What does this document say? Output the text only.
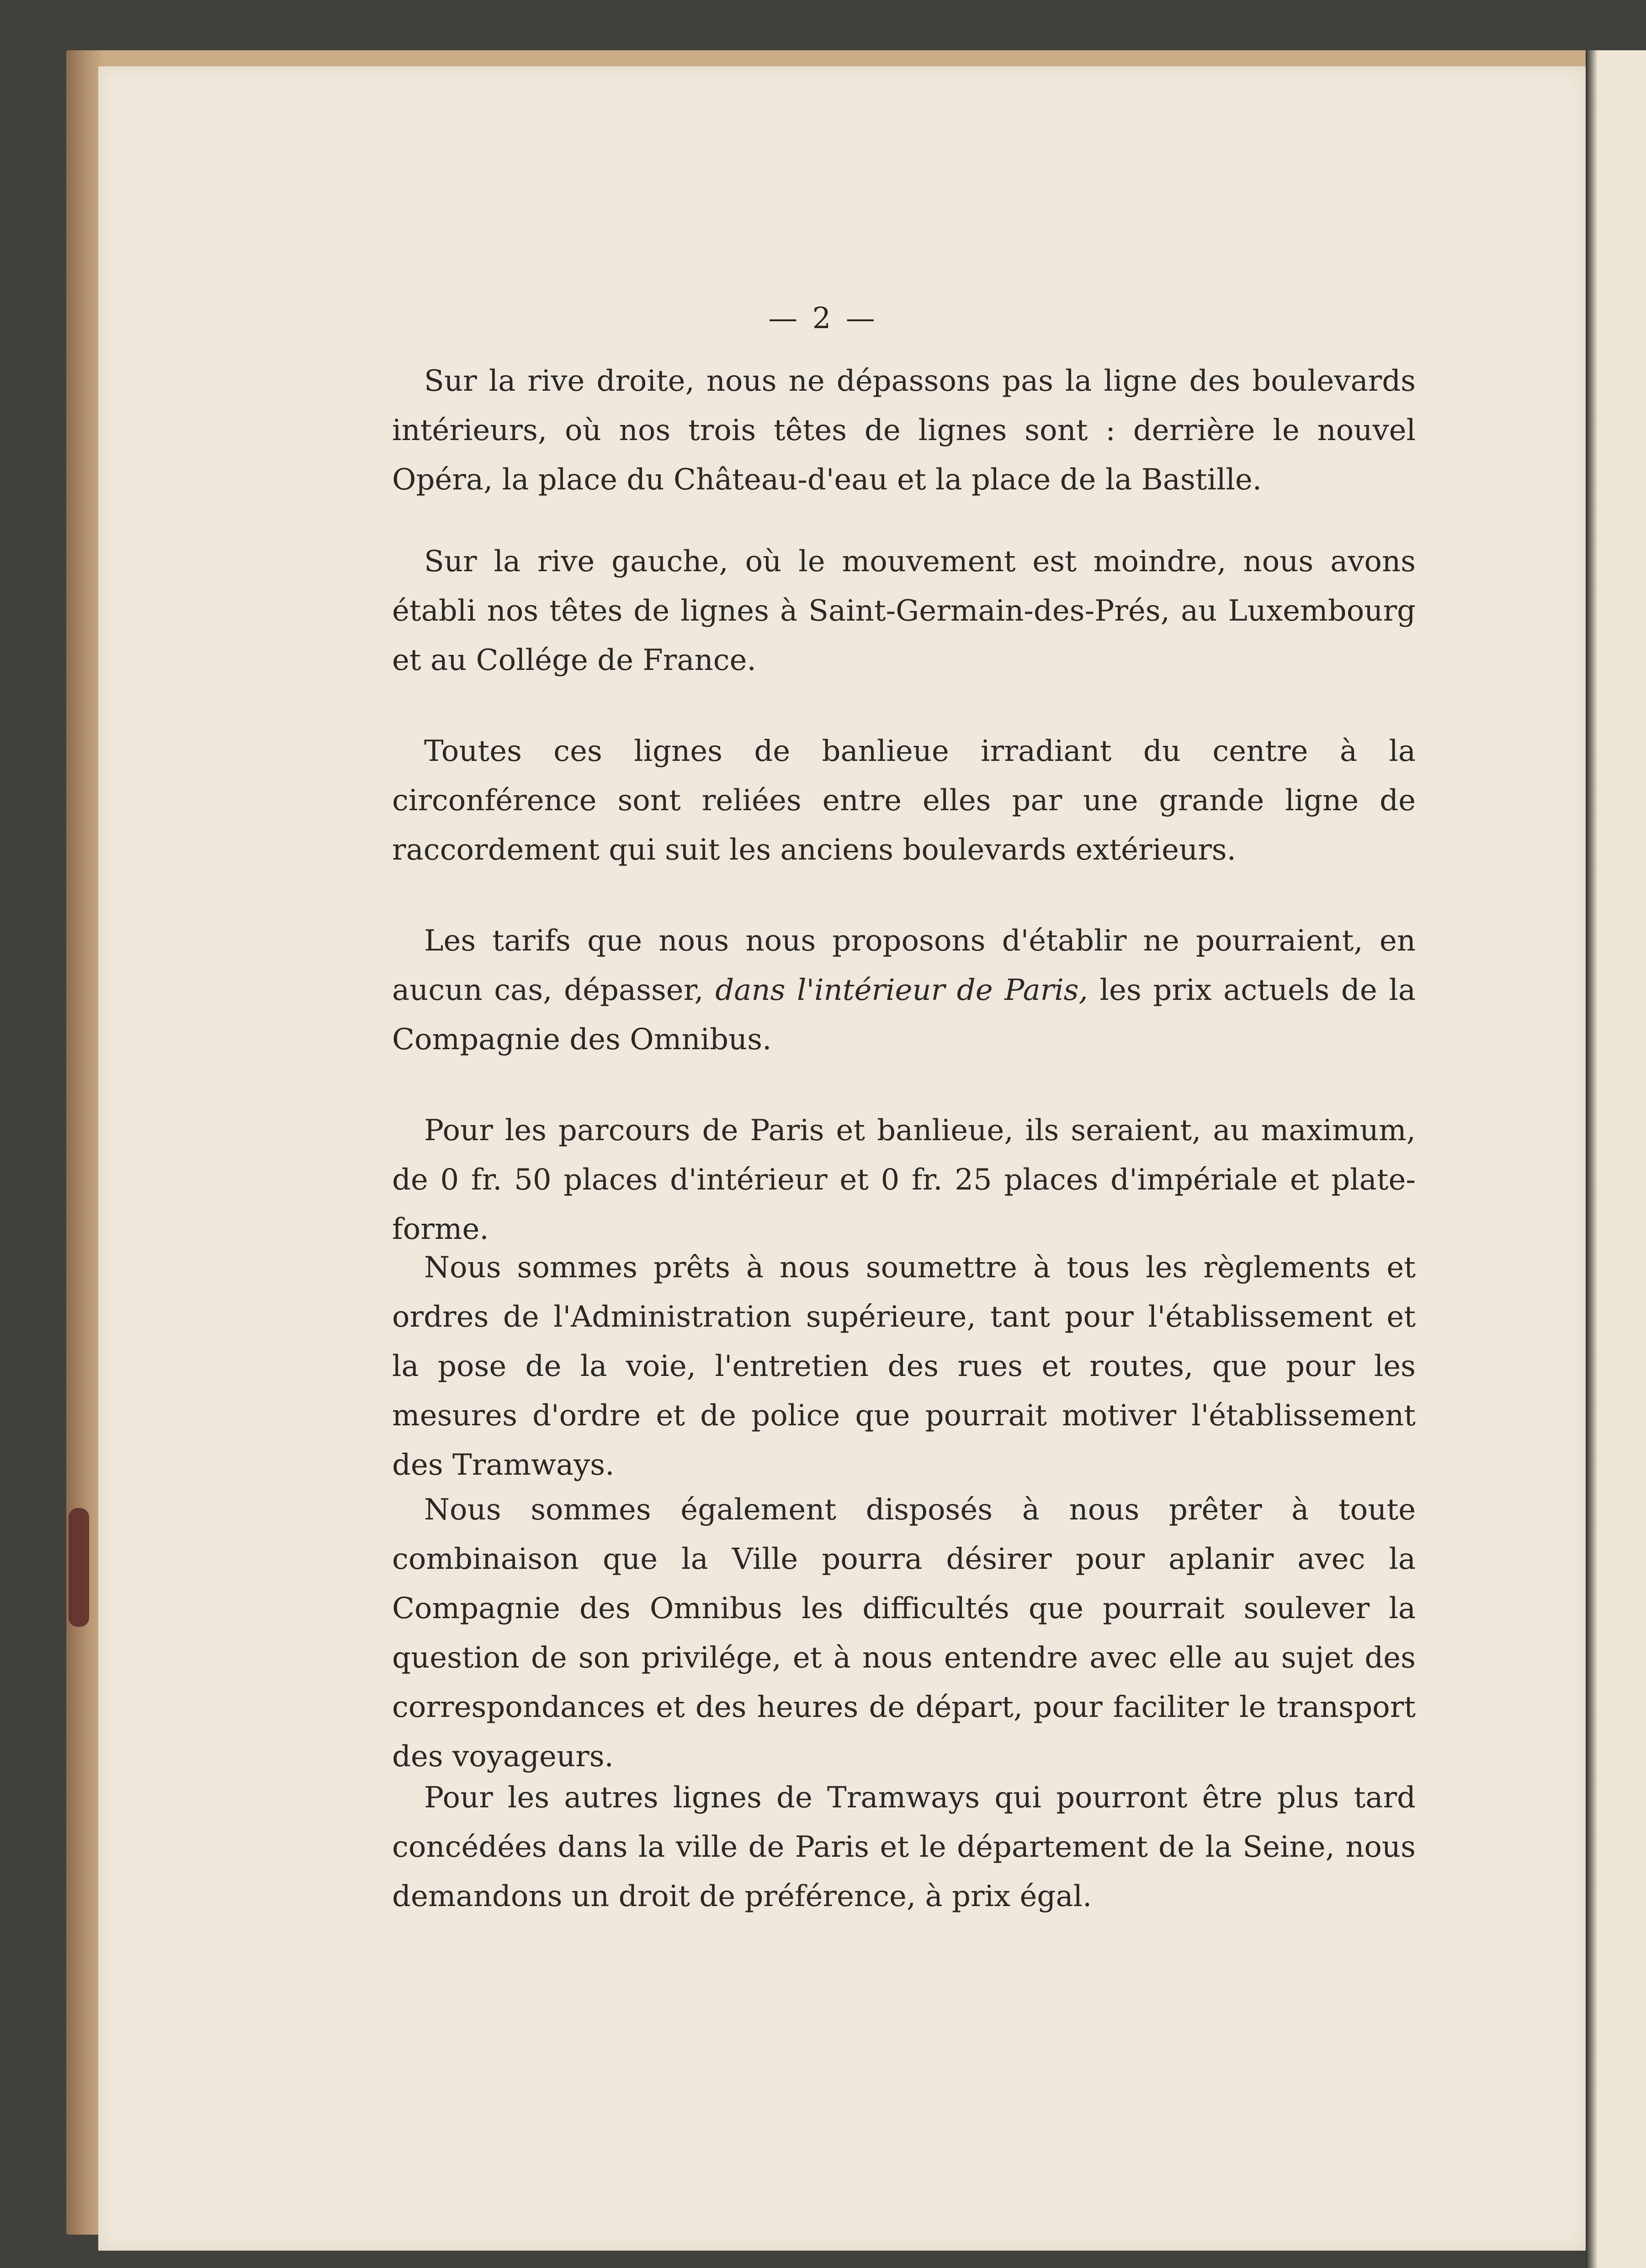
— 2 —
Sur la rive droite, nous ne dépassons pas la ligne des boulevards intérieurs, où nos trois têtes de lignes sont : derrière le nouvel Opéra, la place du Château-d'eau et la place de la Bastille.
Sur la rive gauche, où le mouvement est moindre, nous avons établi nos têtes de lignes à Saint-Germain-des-Prés, au Luxembourg et au Collége de France.
Toutes ces lignes de banlieue irradiant du centre à la circonférence sont reliées entre elles par une grande ligne de raccordement qui suit les anciens boulevards extérieurs.
Les tarifs que nous nous proposons d'établir ne pourraient, en aucun cas, dépasser, dans l'intérieur de Paris, les prix actuels de la Compagnie des Omnibus.
Pour les parcours de Paris et banlieue, ils seraient, au maximum, de 0 fr. 50 places d'intérieur et 0 fr. 25 places d'impériale et plate-forme.
Nous sommes prêts à nous soumettre à tous les règlements et ordres de l'Administration supérieure, tant pour l'établissement et la pose de la voie, l'entretien des rues et routes, que pour les mesures d'ordre et de police que pourrait motiver l'établissement des Tramways.
Nous sommes également disposés à nous prêter à toute combinaison que la Ville pourra désirer pour aplanir avec la Compagnie des Omnibus les difficultés que pourrait soulever la question de son privilége, et à nous entendre avec elle au sujet des correspondances et des heures de départ, pour faciliter le transport des voyageurs.
Pour les autres lignes de Tramways qui pourront être plus tard concédées dans la ville de Paris et le département de la Seine, nous demandons un droit de préférence, à prix égal.
